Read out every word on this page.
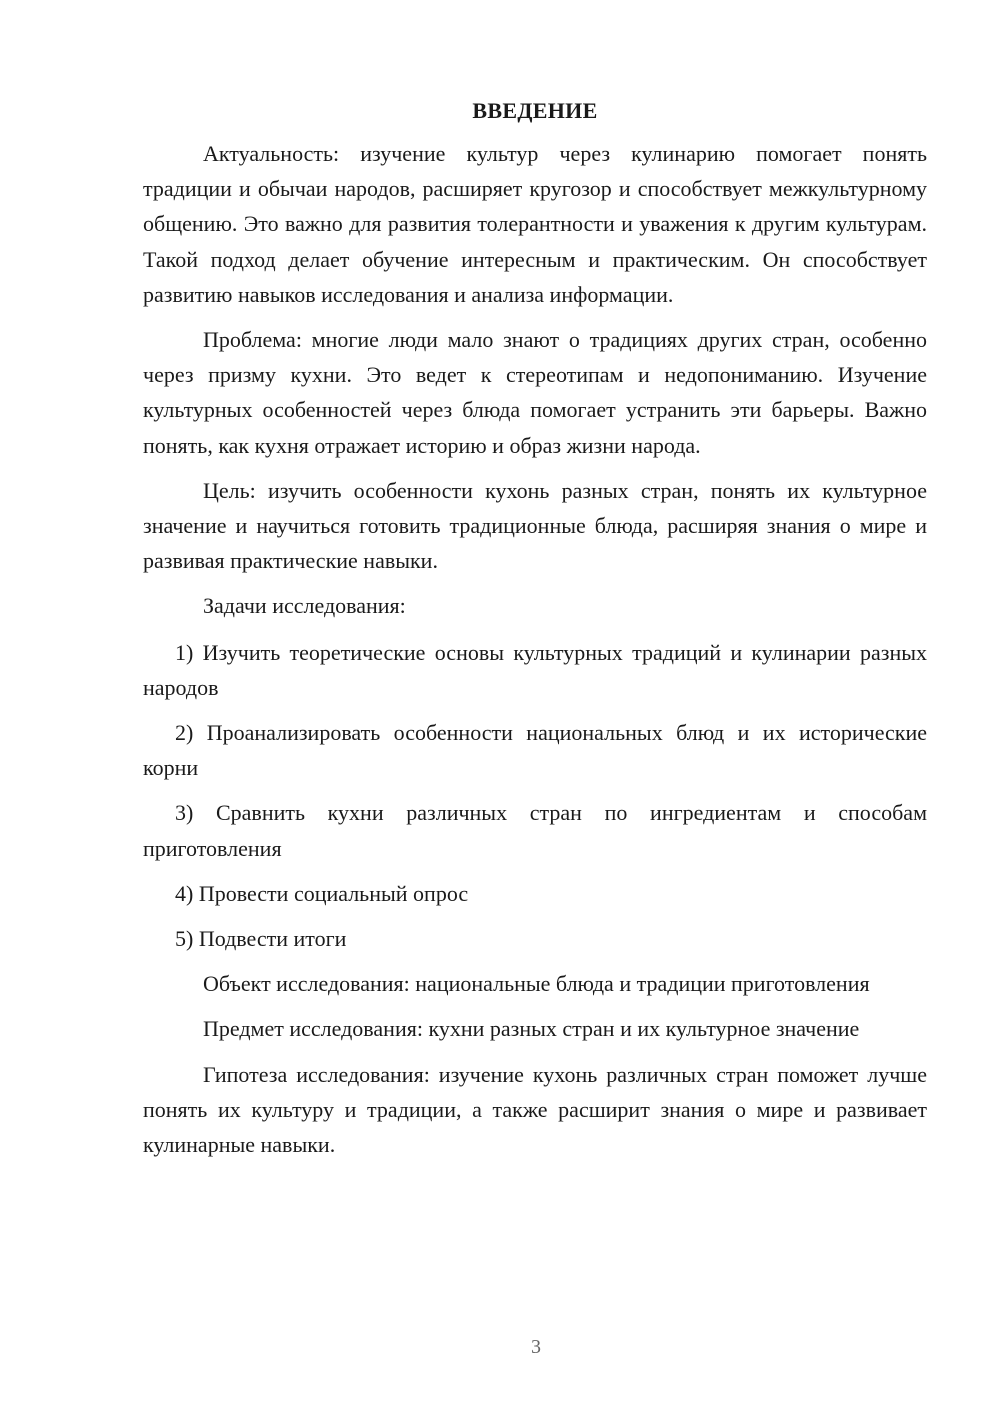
ВВЕДЕНИЕ

Актуальность: изучение культур через кулинарию помогает понять традиции и обычаи народов, расширяет кругозор и способствует межкультурному общению. Это важно для развития толерантности и уважения к другим культурам. Такой подход делает обучение интересным и практическим. Он способствует развитию навыков исследования и анализа информации.

Проблема: многие люди мало знают о традициях других стран, особенно через призму кухни. Это ведет к стереотипам и недопониманию. Изучение культурных особенностей через блюда помогает устранить эти барьеры. Важно понять, как кухня отражает историю и образ жизни народа.

Цель: изучить особенности кухонь разных стран, понять их культурное значение и научиться готовить традиционные блюда, расширяя знания о мире и развивая практические навыки.

Задачи исследования:

1) Изучить теоретические основы культурных традиций и кулинарии разных народов

2) Проанализировать особенности национальных блюд и их исторические корни

3) Сравнить кухни различных стран по ингредиентам и способам приготовления

4) Провести социальный опрос

5) Подвести итоги

Объект исследования: национальные блюда и традиции приготовления

Предмет исследования: кухни разных стран и их культурное значение

Гипотеза исследования: изучение кухонь различных стран поможет лучше понять их культуру и традиции, а также расширит знания о мире и развивает кулинарные навыки.

3
